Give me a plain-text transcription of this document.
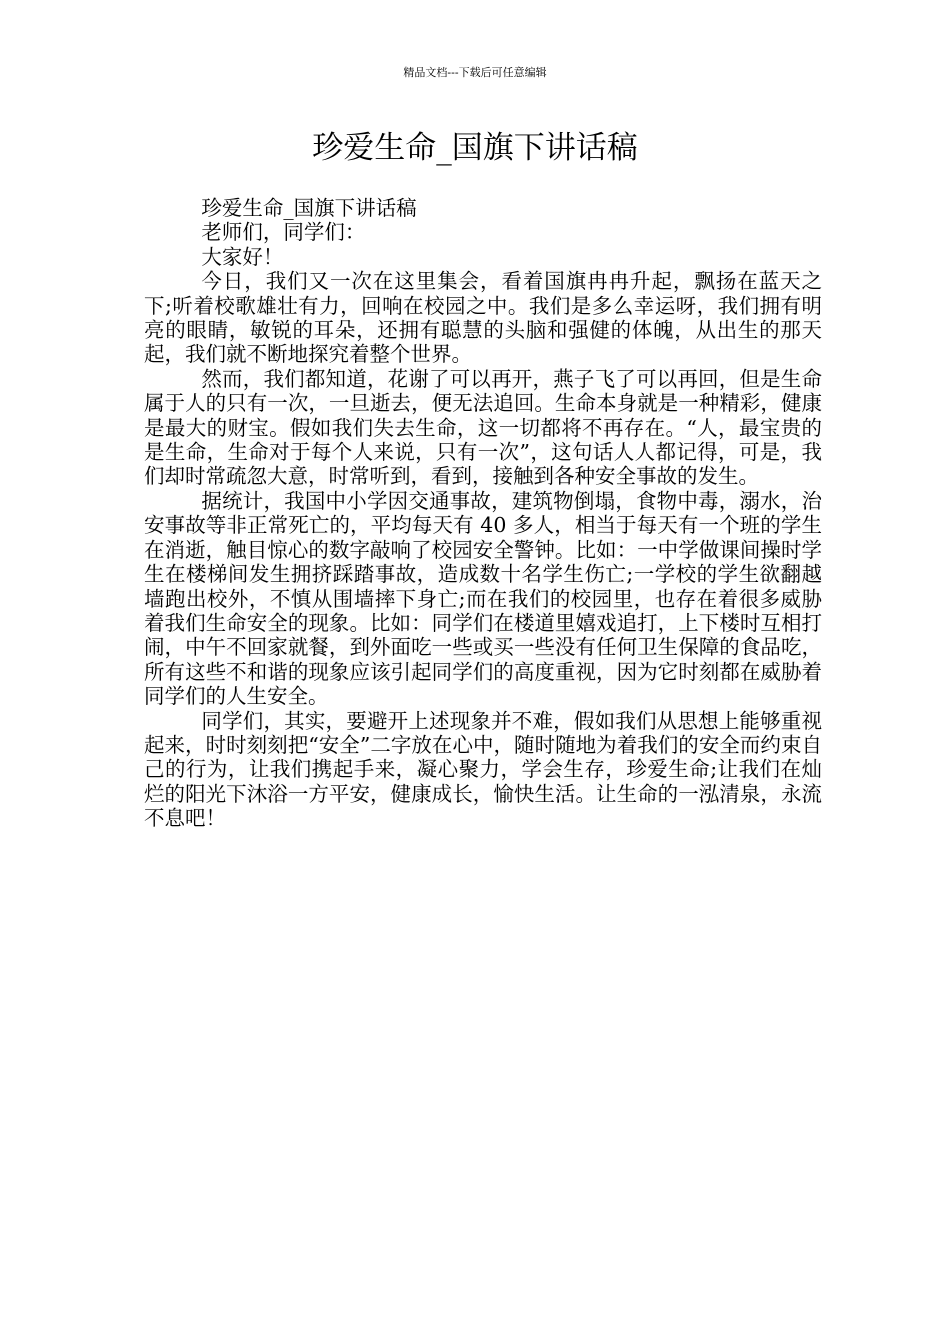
精品文档---下载后可任意编辑
珍爱生命_国旗下讲话稿

珍爱生命_国旗下讲话稿

老师们，同学们：

大家好！

今日，我们又一次在这里集会，看着国旗冉冉升起，飘扬在蓝天之下;听着校歌雄壮有力，回响在校园之中。我们是多么幸运呀，我们拥有明亮的眼睛，敏锐的耳朵，还拥有聪慧的头脑和强健的体魄，从出生的那天起，我们就不断地探究着整个世界。

然而，我们都知道，花谢了可以再开，燕子飞了可以再回，但是生命属于人的只有一次，一旦逝去，便无法追回。生命本身就是一种精彩，健康是最大的财宝。假如我们失去生命，这一切都将不再存在。“人，最宝贵的是生命，生命对于每个人来说，只有一次”，这句话人人都记得，可是，我们却时常疏忽大意，时常听到，看到，接触到各种安全事故的发生。

据统计，我国中小学因交通事故，建筑物倒塌，食物中毒，溺水，治安事故等非正常死亡的，平均每天有 40 多人，相当于每天有一个班的学生在消逝，触目惊心的数字敲响了校园安全警钟。比如：一中学做课间操时学生在楼梯间发生拥挤踩踏事故，造成数十名学生伤亡;一学校的学生欲翻越墙跑出校外，不慎从围墙摔下身亡;而在我们的校园里，也存在着很多威胁着我们生命安全的现象。比如：同学们在楼道里嬉戏追打，上下楼时互相打闹，中午不回家就餐，到外面吃一些或买一些没有任何卫生保障的食品吃，所有这些不和谐的现象应该引起同学们的高度重视，因为它时刻都在威胁着同学们的人生安全。

同学们，其实，要避开上述现象并不难，假如我们从思想上能够重视起来，时时刻刻把“安全”二字放在心中，随时随地为着我们的安全而约束自己的行为，让我们携起手来，凝心聚力，学会生存，珍爱生命;让我们在灿烂的阳光下沐浴一方平安，健康成长，愉快生活。让生命的一泓清泉，永流不息吧！
